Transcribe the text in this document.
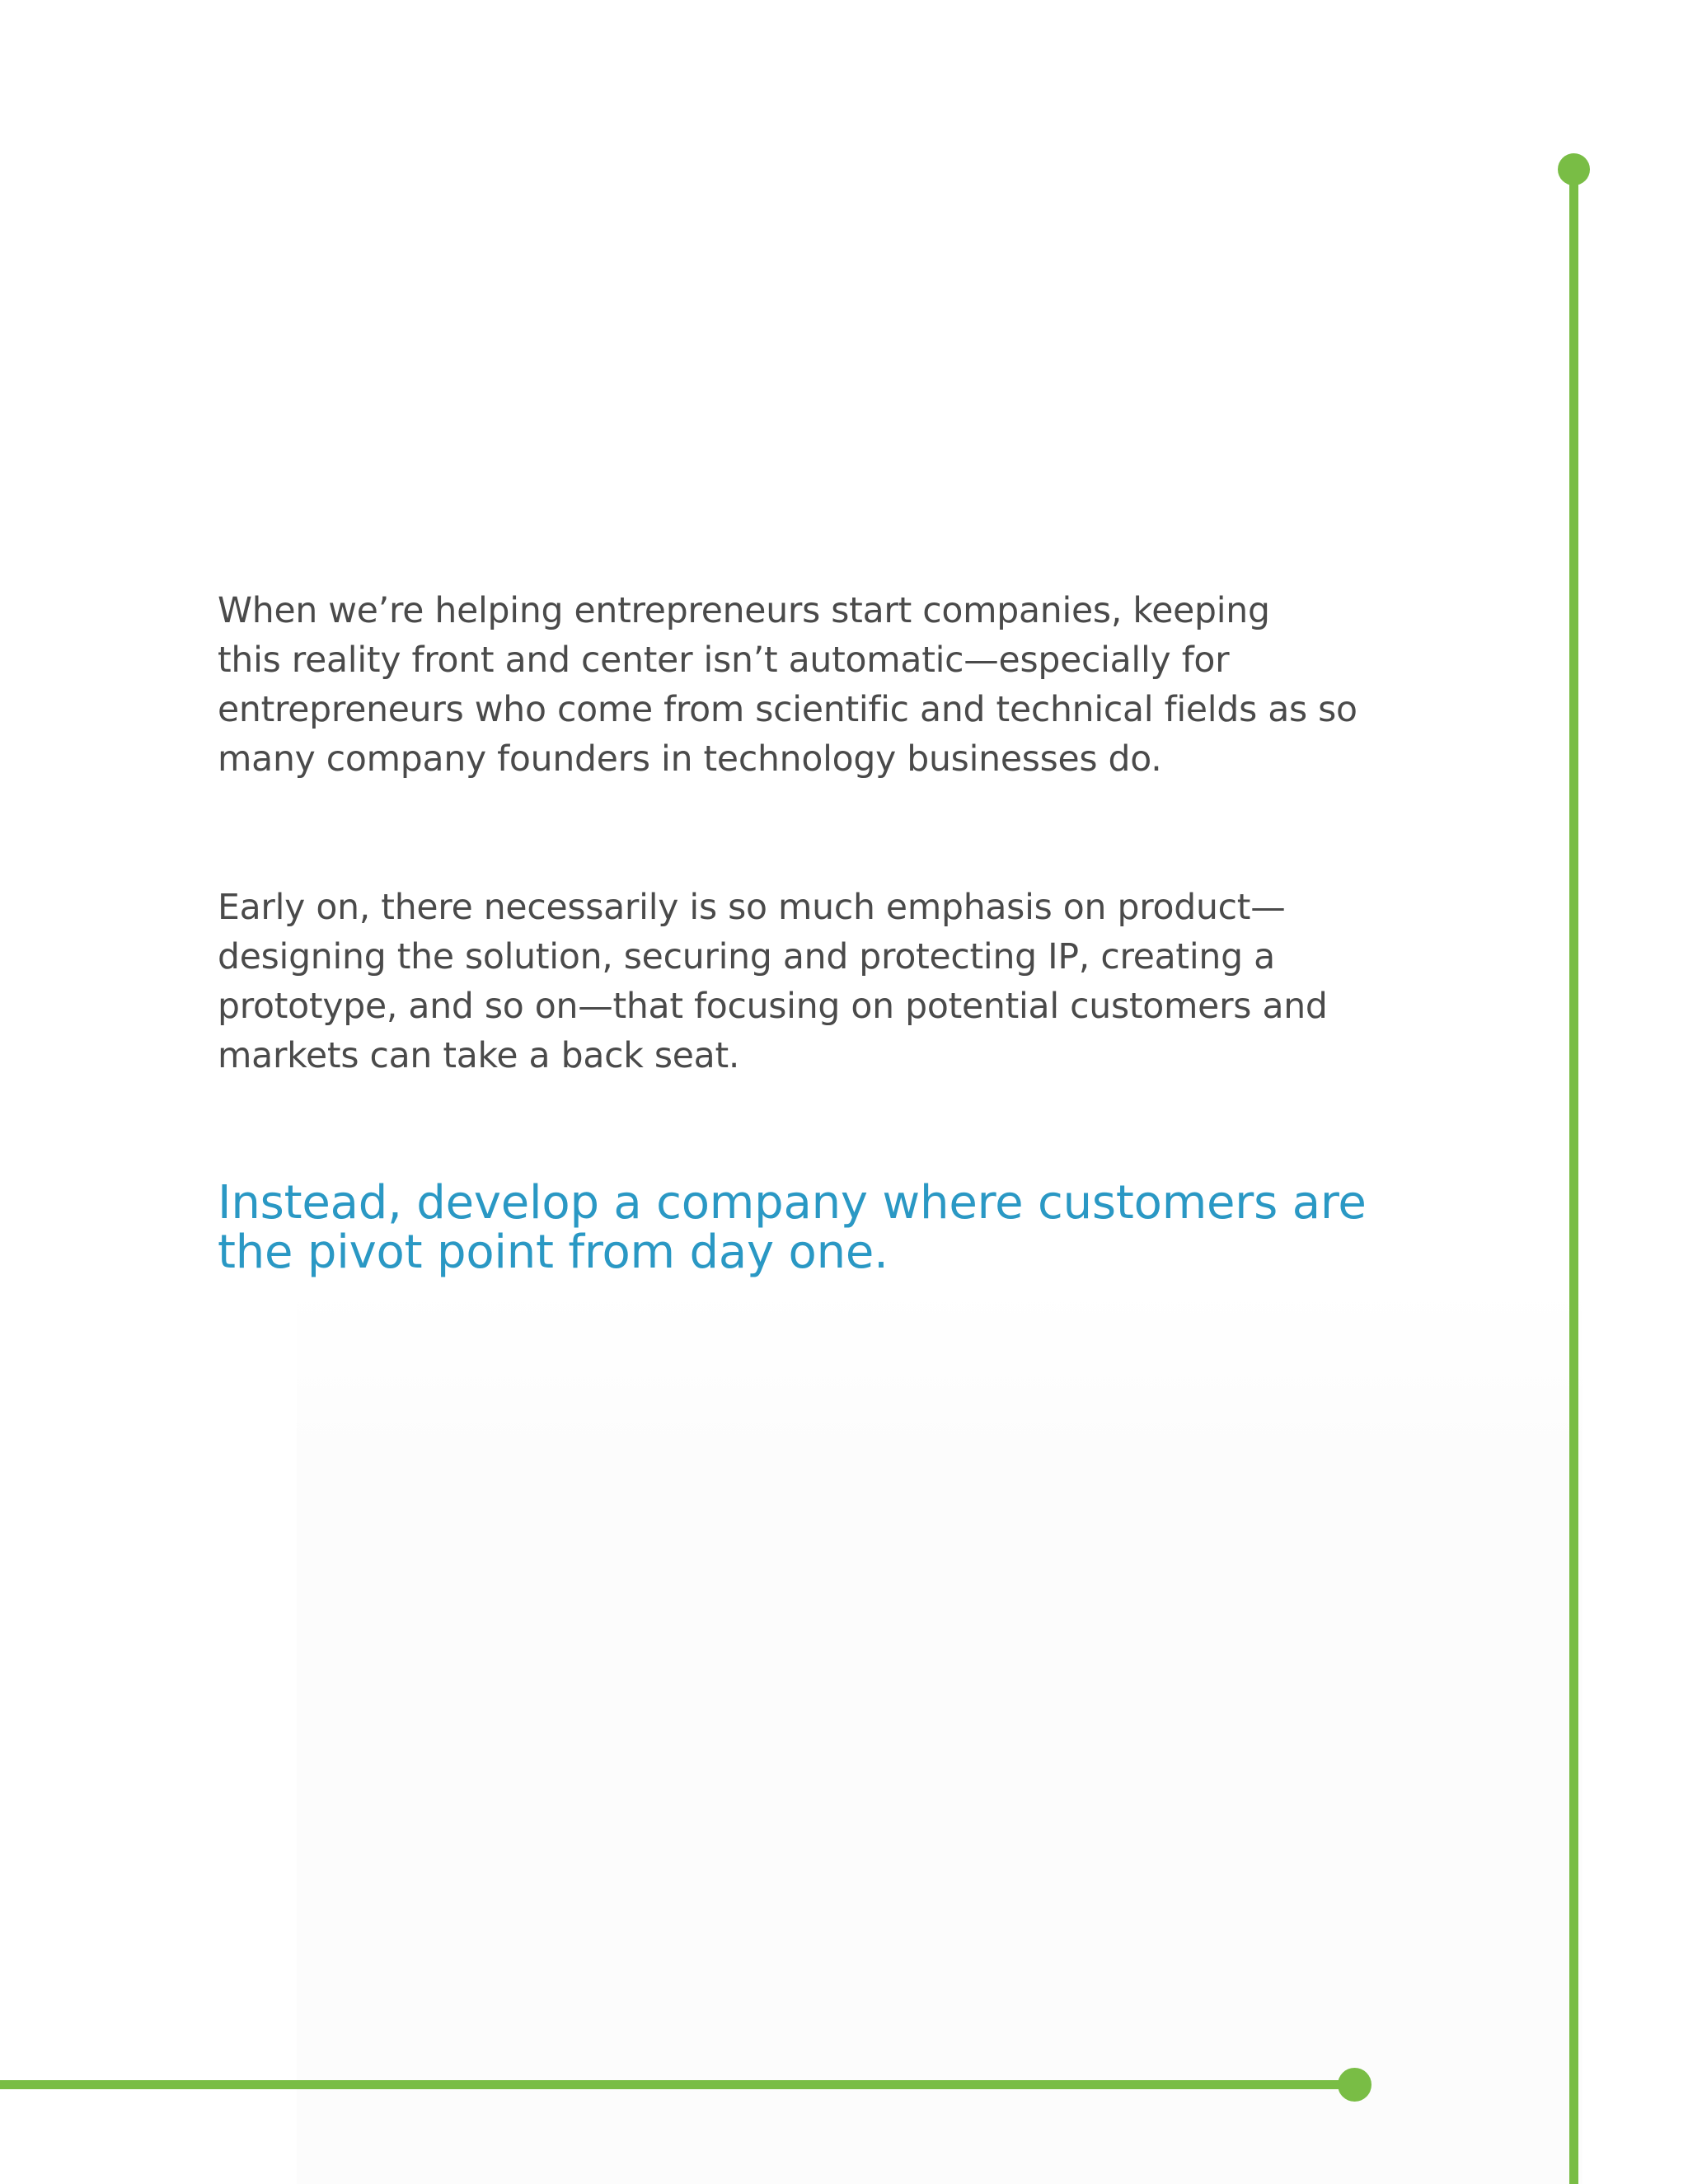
When we’re helping entrepreneurs start companies, keeping
this reality front and center isn’t automatic—especially for
entrepreneurs who come from scientific and technical fields as so
many company founders in technology businesses do.

Early on, there necessarily is so much emphasis on product—
designing the solution, securing and protecting IP, creating a
prototype, and so on—that focusing on potential customers and
markets can take a back seat.

Instead, develop a company where customers are
the pivot point from day one.
